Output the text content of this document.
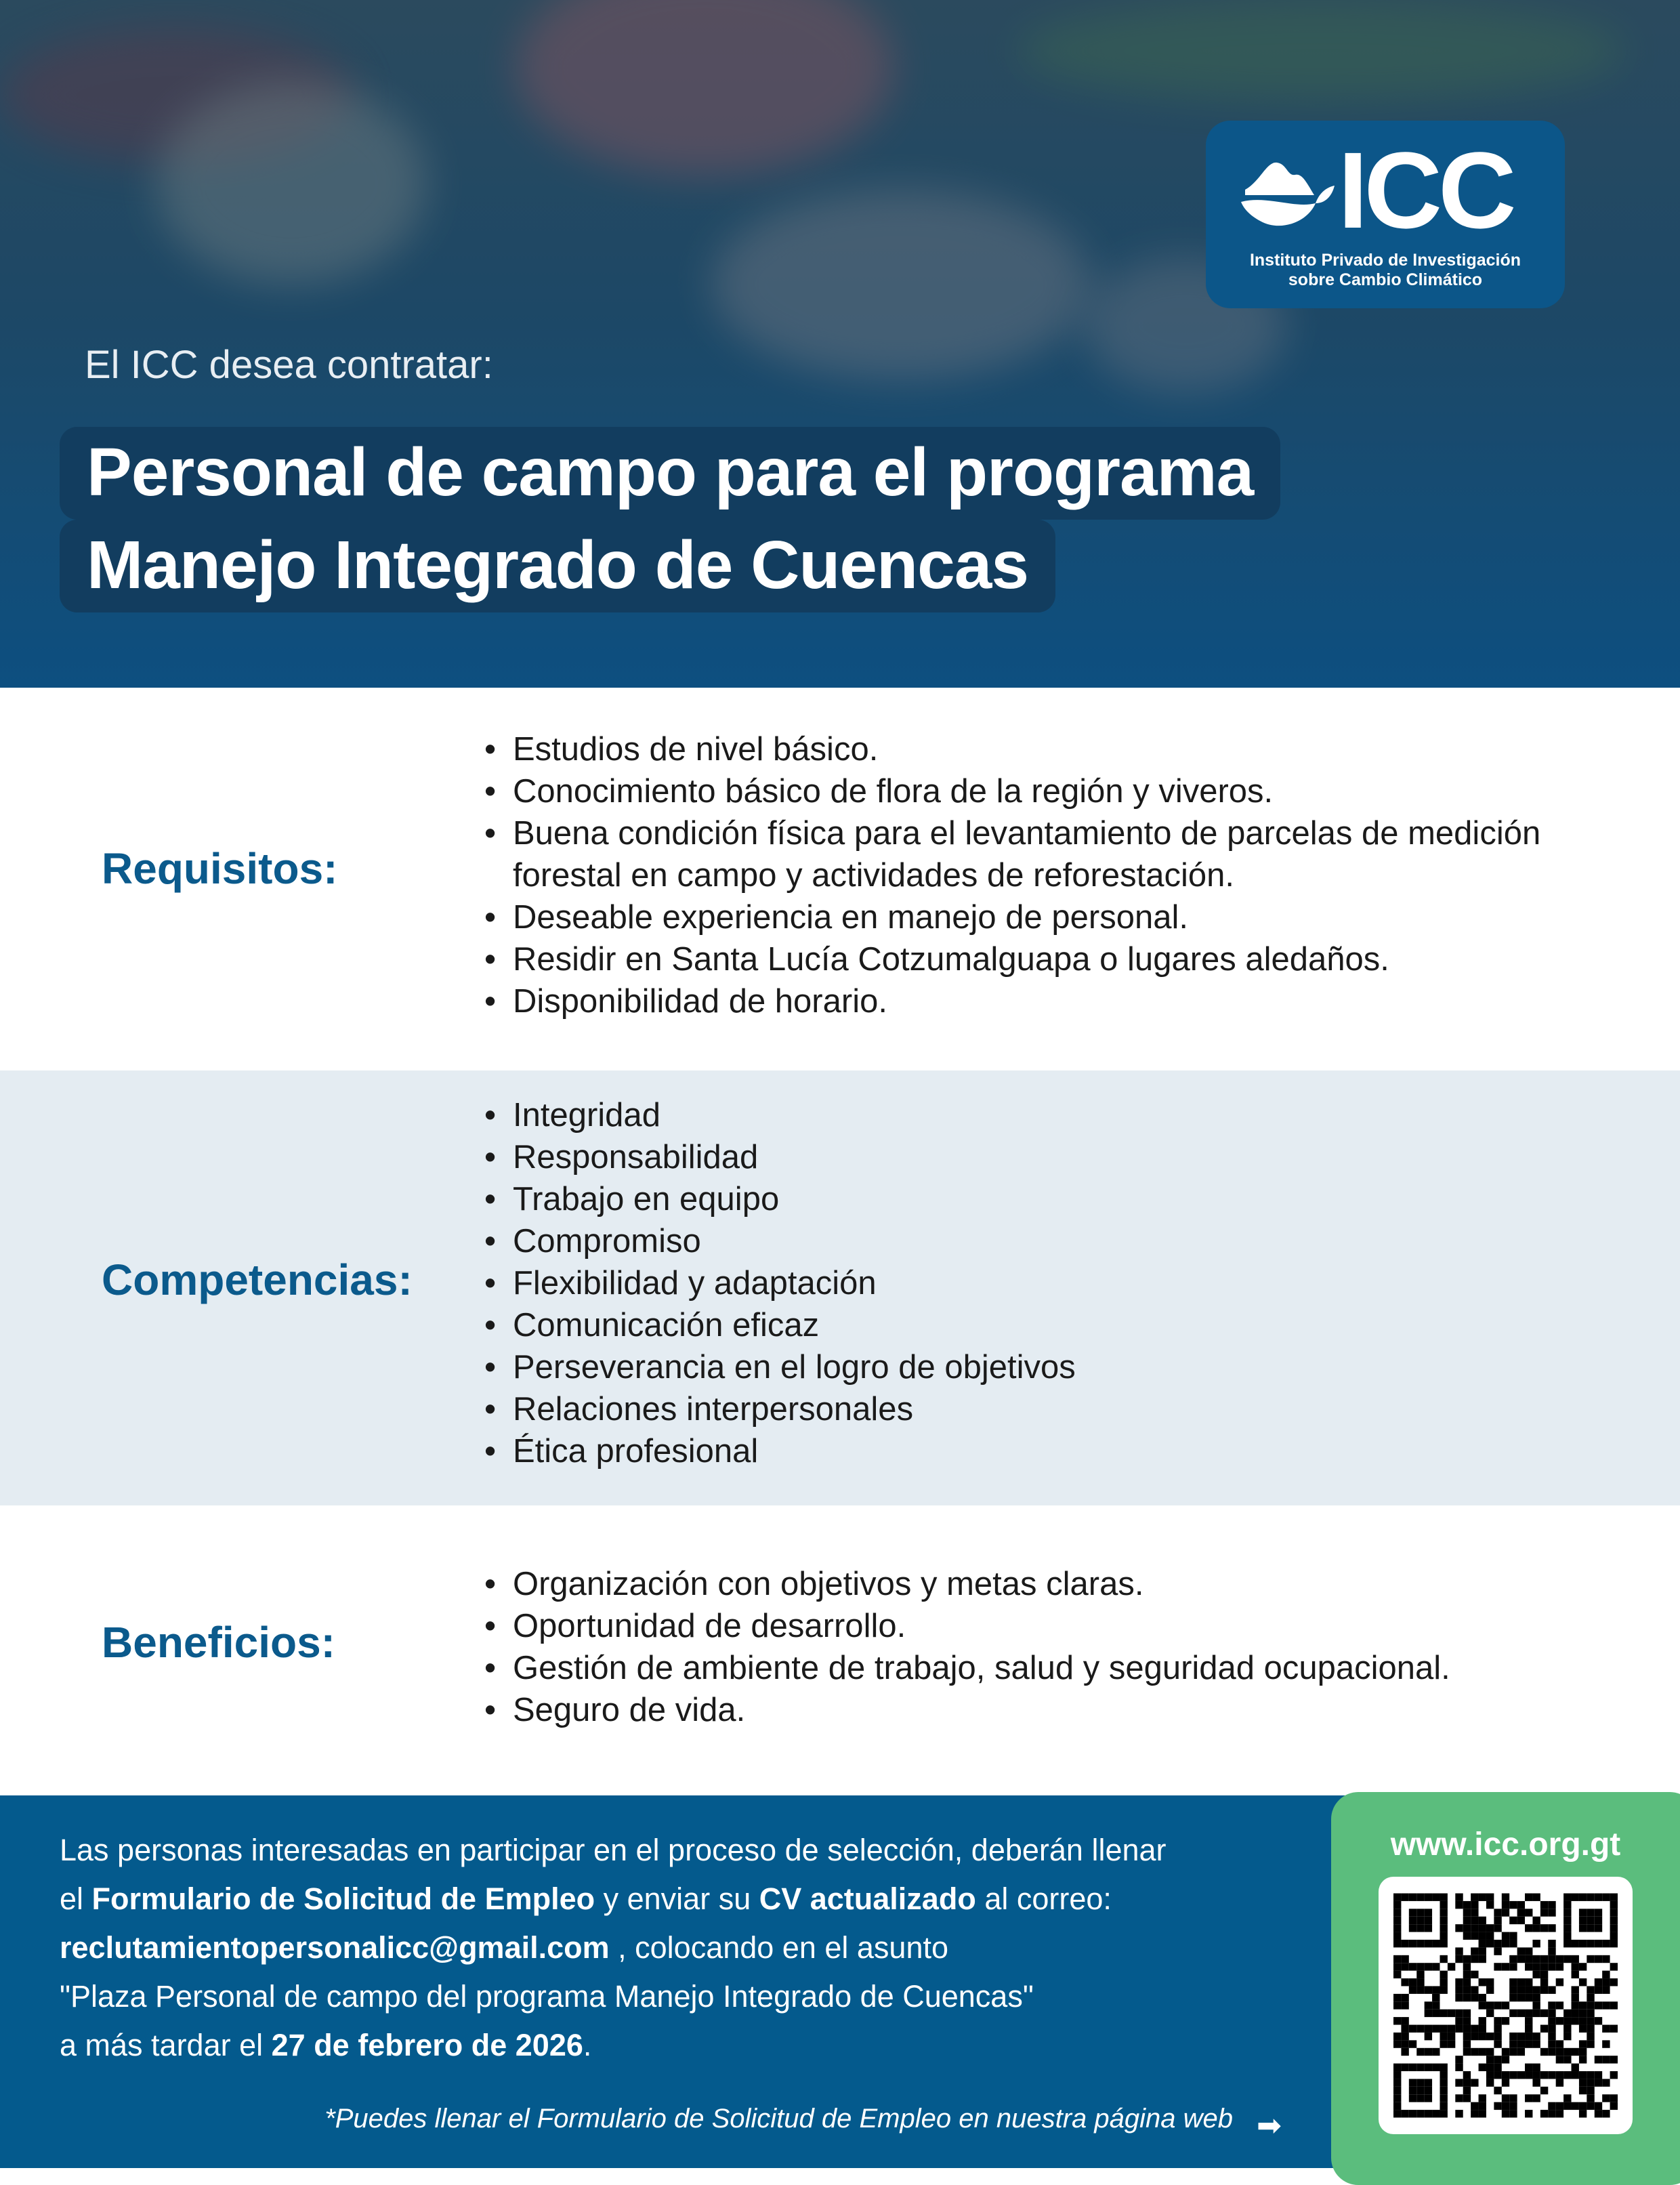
ICC
Instituto Privado de Investigación
sobre Cambio Climático
El ICC desea contratar:
Personal de campo para el programa
Manejo Integrado de Cuencas
Requisitos:
• Estudios de nivel básico.
• Conocimiento básico de flora de la región y viveros.
• Buena condición física para el levantamiento de parcelas de medición forestal en campo y actividades de reforestación.
• Deseable experiencia en manejo de personal.
• Residir en Santa Lucía Cotzumalguapa o lugares aledaños.
• Disponibilidad de horario.
Competencias:
• Integridad
• Responsabilidad
• Trabajo en equipo
• Compromiso
• Flexibilidad y adaptación
• Comunicación eficaz
• Perseverancia en el logro de objetivos
• Relaciones interpersonales
• Ética profesional
Beneficios:
• Organización con objetivos y metas claras.
• Oportunidad de desarrollo.
• Gestión de ambiente de trabajo, salud y seguridad ocupacional.
• Seguro de vida.
Las personas interesadas en participar en el proceso de selección, deberán llenar
el Formulario de Solicitud de Empleo y enviar su CV actualizado al correo:
reclutamientopersonalicc@gmail.com , colocando en el asunto
"Plaza Personal de campo del programa Manejo Integrado de Cuencas"
a más tardar el 27 de febrero de 2026.
*Puedes llenar el Formulario de Solicitud de Empleo en nuestra página web ➡
www.icc.org.gt
